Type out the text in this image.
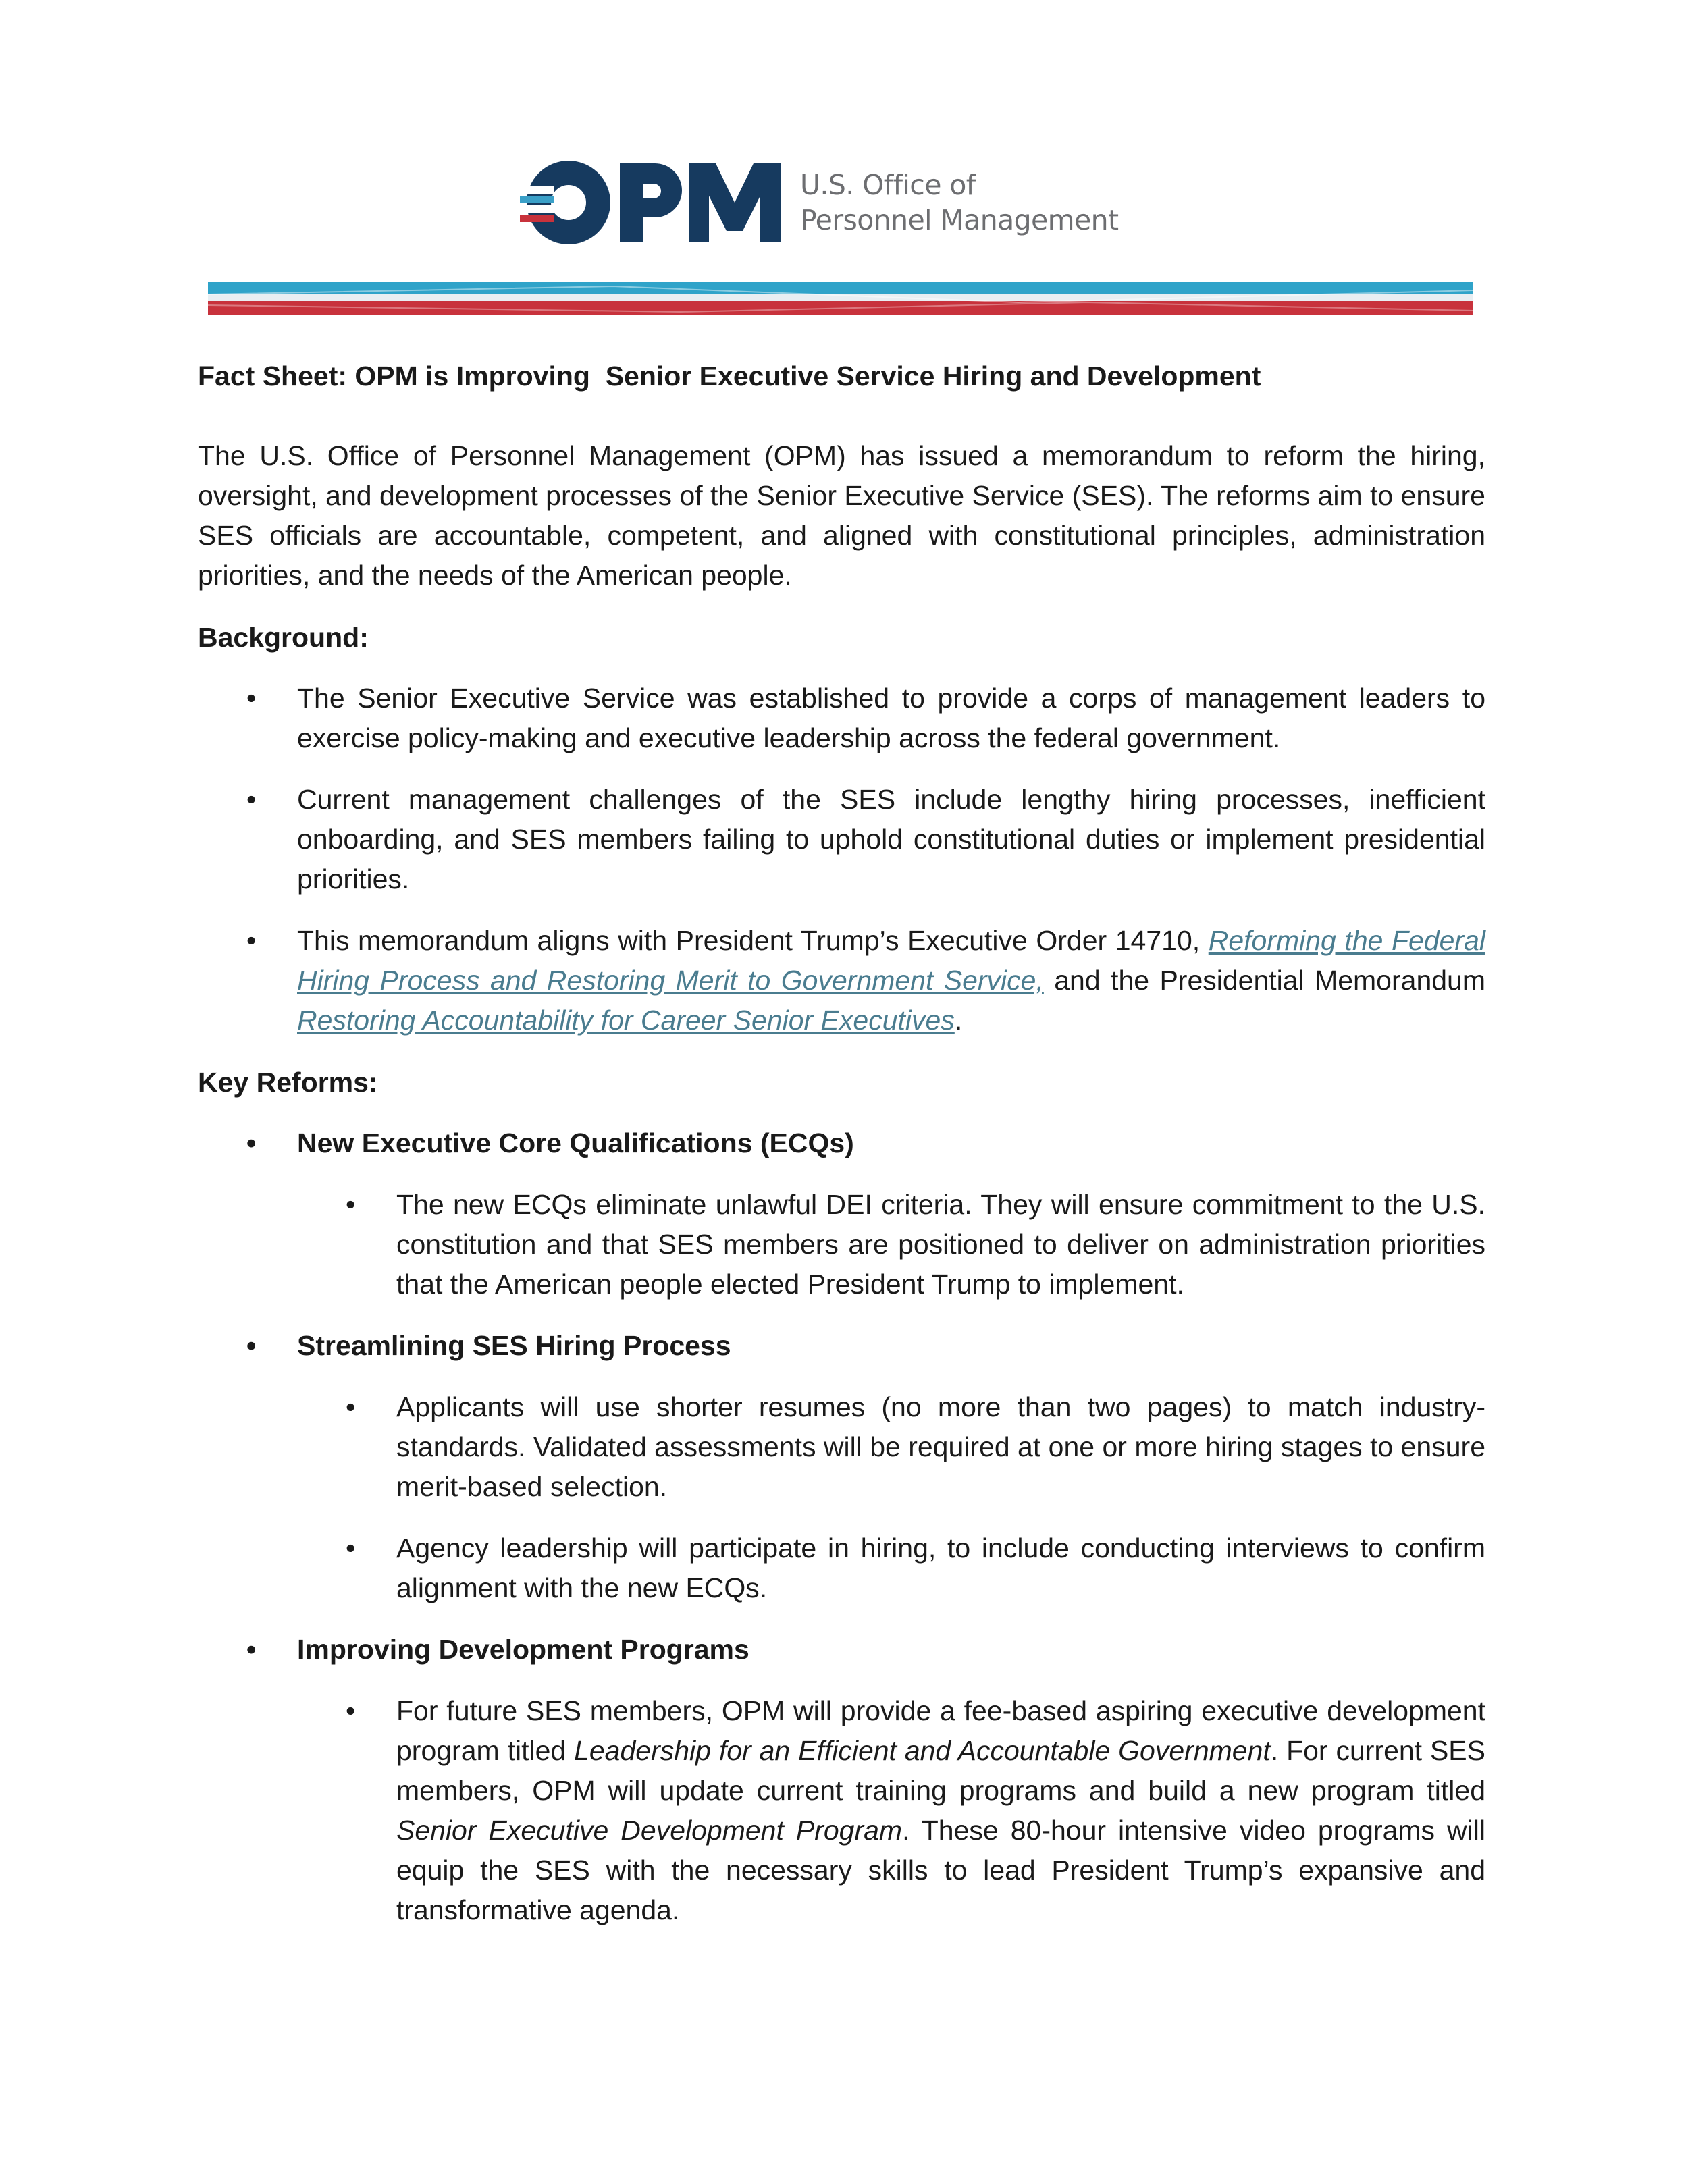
U.S. Office of
Personnel Management

Fact Sheet: OPM is Improving  Senior Executive Service Hiring and Development

The U.S. Office of Personnel Management (OPM) has issued a memorandum to reform the hiring, oversight, and development processes of the Senior Executive Service (SES). The reforms aim to ensure SES officials are accountable, competent, and aligned with constitutional principles, administration priorities, and the needs of the American people.

Background:

• The Senior Executive Service was established to provide a corps of management leaders to exercise policy-making and executive leadership across the federal government.
• Current management challenges of the SES include lengthy hiring processes, inefficient onboarding, and SES members failing to uphold constitutional duties or implement presidential priorities.
• This memorandum aligns with President Trump’s Executive Order 14710, Reforming the Federal Hiring Process and Restoring Merit to Government Service, and the Presidential Memorandum Restoring Accountability for Career Senior Executives.

Key Reforms:

• New Executive Core Qualifications (ECQs)
• The new ECQs eliminate unlawful DEI criteria. They will ensure commitment to the U.S. constitution and that SES members are positioned to deliver on administration priorities that the American people elected President Trump to implement.
• Streamlining SES Hiring Process
• Applicants will use shorter resumes (no more than two pages) to match industry-standards. Validated assessments will be required at one or more hiring stages to ensure merit-based selection.
• Agency leadership will participate in hiring, to include conducting interviews to confirm alignment with the new ECQs.
• Improving Development Programs
• For future SES members, OPM will provide a fee-based aspiring executive development program titled Leadership for an Efficient and Accountable Government. For current SES members, OPM will update current training programs and build a new program titled Senior Executive Development Program. These 80-hour intensive video programs will equip the SES with the necessary skills to lead President Trump’s expansive and transformative agenda.
